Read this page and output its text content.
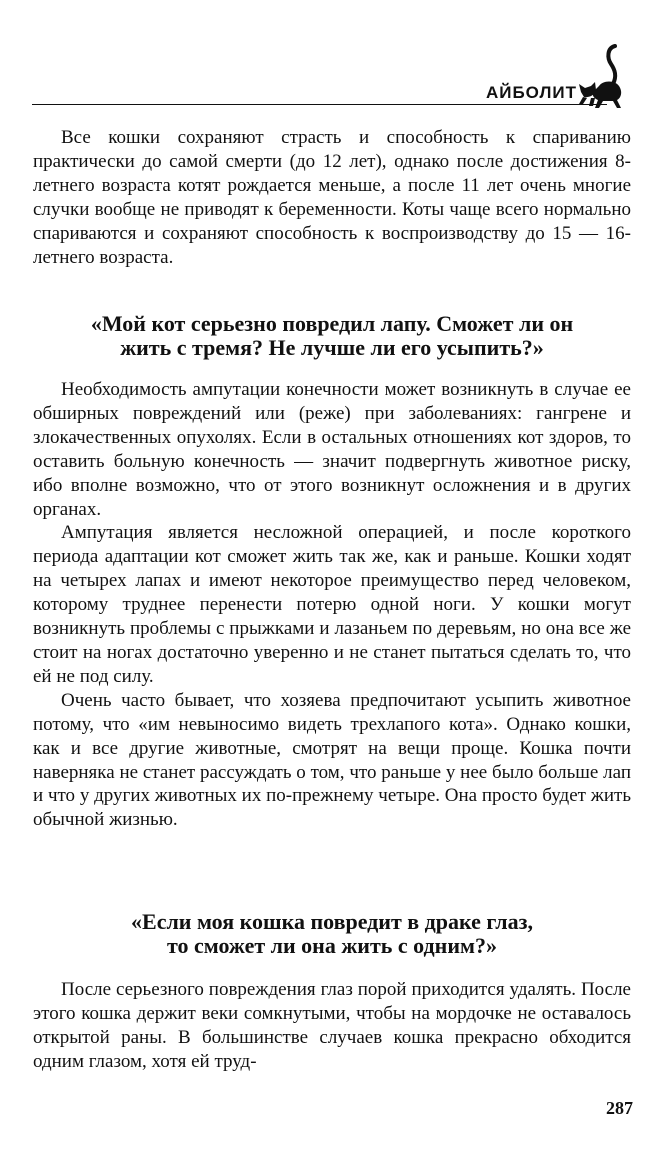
АЙБОЛИТ

Все кошки сохраняют страсть и способность к спариванию практически до самой смерти (до 12 лет), однако после достижения 8-летнего возраста котят рождается меньше, а после 11 лет очень многие случки вообще не приводят к беременности. Коты чаще всего нормально спариваются и сохраняют способность к воспроизводству до 15 — 16-летнего возраста.

«Мой кот серьезно повредил лапу. Сможет ли он
жить с тремя? Не лучше ли его усыпить?»

Необходимость ампутации конечности может возникнуть в случае ее обширных повреждений или (реже) при заболеваниях: гангрене и злокачественных опухолях. Если в остальных отношениях кот здоров, то оставить больную конечность — значит подвергнуть животное риску, ибо вполне возможно, что от этого возникнут осложнения и в других органах.

Ампутация является несложной операцией, и после короткого периода адаптации кот сможет жить так же, как и раньше. Кошки ходят на четырех лапах и имеют некоторое преимущество перед человеком, которому труднее перенести потерю одной ноги. У кошки могут возникнуть проблемы с прыжками и лазаньем по деревьям, но она все же стоит на ногах достаточно уверенно и не станет пытаться сделать то, что ей не под силу.

Очень часто бывает, что хозяева предпочитают усыпить животное потому, что «им невыносимо видеть трехлапого кота». Однако кошки, как и все другие животные, смотрят на вещи проще. Кошка почти наверняка не станет рассуждать о том, что раньше у нее было больше лап и что у других животных их по-прежнему четыре. Она просто будет жить обычной жизнью.

«Если моя кошка повредит в драке глаз,
то сможет ли она жить с одним?»

После серьезного повреждения глаз порой приходится удалять. После этого кошка держит веки сомкнутыми, чтобы на мордочке не оставалось открытой раны. В большинстве случаев кошка прекрасно обходится одним глазом, хотя ей труд-

287
